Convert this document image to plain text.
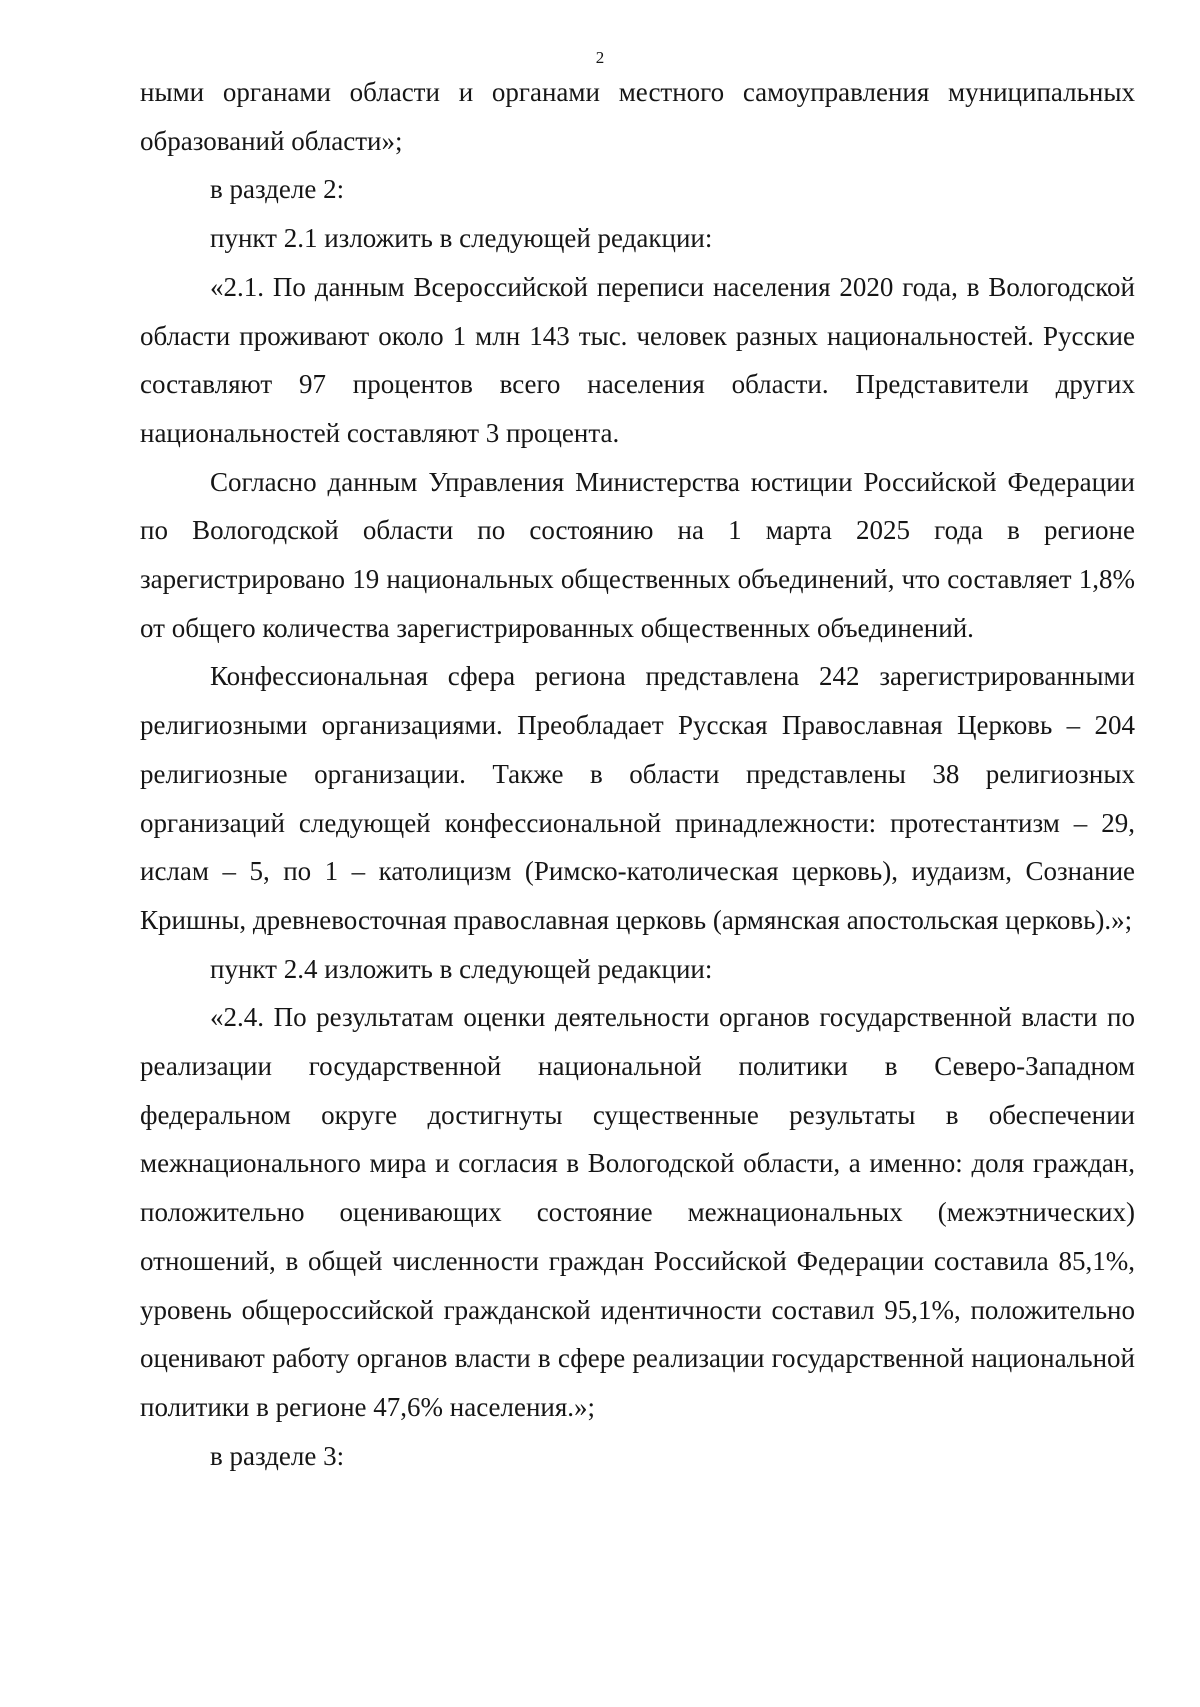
2

ными органами области и органами местного самоуправления муниципальных образований области»;

в разделе 2:

пункт 2.1 изложить в следующей редакции:

«2.1. По данным Всероссийской переписи населения 2020 года, в Вологодской области проживают около 1 млн 143 тыс. человек разных национальностей. Русские составляют 97 процентов всего населения области. Представители других национальностей составляют 3 процента.

Согласно данным Управления Министерства юстиции Российской Федерации по Вологодской области по состоянию на 1 марта 2025 года в регионе зарегистрировано 19 национальных общественных объединений, что составляет 1,8% от общего количества зарегистрированных общественных объединений.

Конфессиональная сфера региона представлена 242 зарегистрированными религиозными организациями. Преобладает Русская Православная Церковь – 204 религиозные организации. Также в области представлены 38 религиозных организаций следующей конфессиональной принадлежности: протестантизм – 29, ислам – 5, по 1 – католицизм (Римско-католическая церковь), иудаизм, Сознание Кришны, древневосточная православная церковь (армянская апостольская церковь).»;

пункт 2.4 изложить в следующей редакции:

«2.4. По результатам оценки деятельности органов государственной власти по реализации государственной национальной политики в Северо-Западном федеральном округе достигнуты существенные результаты в обеспечении межнационального мира и согласия в Вологодской области, а именно: доля граждан, положительно оценивающих состояние межнациональных (межэтнических) отношений, в общей численности граждан Российской Федерации составила 85,1%, уровень общероссийской гражданской идентичности составил 95,1%, положительно оценивают работу органов власти в сфере реализации государственной национальной политики в регионе 47,6% населения.»;

в разделе 3:
